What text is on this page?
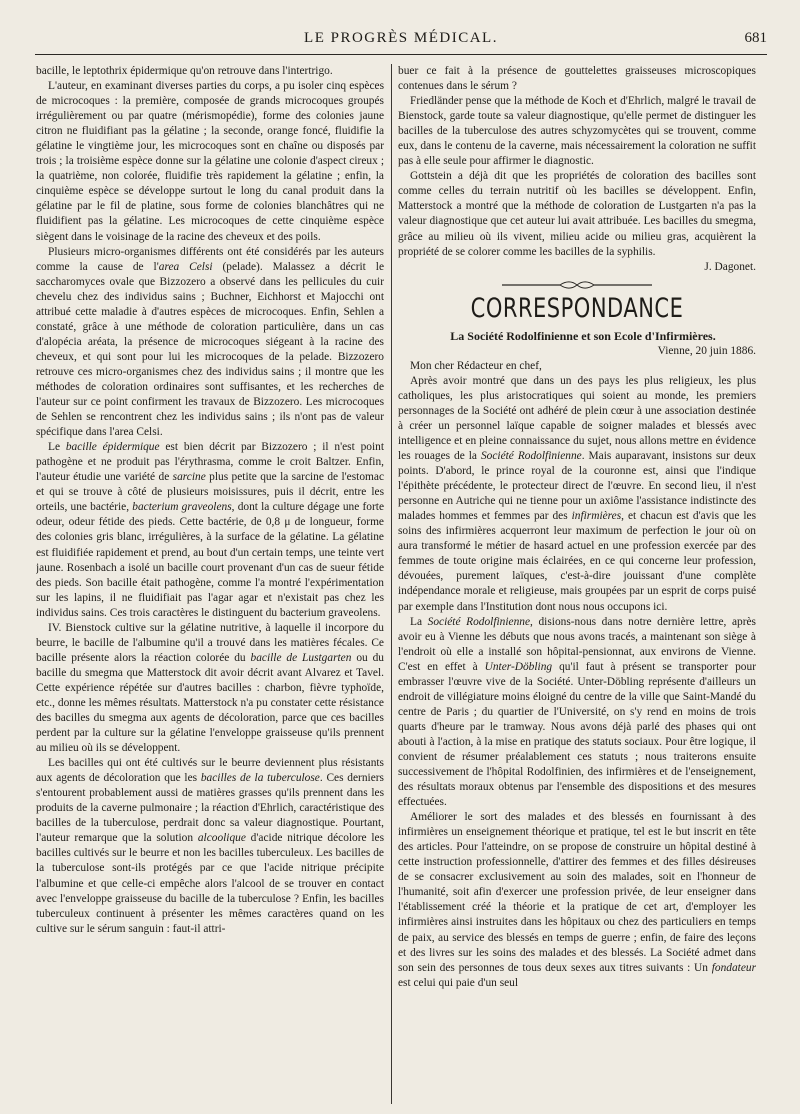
LE PROGRÈS MÉDICAL.	681

bacille, le leptothrix épidermique qu'on retrouve dans l'intertrigo.

L'auteur, en examinant diverses parties du corps, a pu isoler cinq espèces de microcoques : la première, composée de grands microcoques groupés irrégulièrement ou par quatre (mérismopédie), forme des colonies jaune citron ne fluidifiant pas la gélatine ; la seconde, orange foncé, fluidifie la gélatine le vingtième jour, les microcoques sont en chaîne ou disposés par trois ; la troisième espèce donne sur la gélatine une colonie d'aspect cireux ; la quatrième, non colorée, fluidifie très rapidement la gélatine ; enfin, la cinquième espèce se développe surtout le long du canal produit dans la gélatine par le fil de platine, sous forme de colonies blanchâtres qui ne fluidifient pas la gélatine. Les microcoques de cette cinquième espèce siègent dans le voisinage de la racine des cheveux et des poils.

Plusieurs micro-organismes différents ont été considérés par les auteurs comme la cause de l'area Celsi (pelade). Malassez a décrit le saccharomyces ovale que Bizzozero a observé dans les pellicules du cuir chevelu chez des individus sains ; Buchner, Eichhorst et Majocchi ont attribué cette maladie à d'autres espèces de microcoques. Enfin, Sehlen a constaté, grâce à une méthode de coloration particulière, dans un cas d'alopécia aréata, la présence de microcoques siégeant à la racine des cheveux, et qui sont pour lui les microcoques de la pelade. Bizzozero retrouve ces micro-organismes chez des individus sains ; il montre que les méthodes de coloration ordinaires sont suffisantes, et les recherches de l'auteur sur ce point confirment les travaux de Bizzozero. Les microcoques de Sehlen se rencontrent chez les individus sains ; ils n'ont pas de valeur spécifique dans l'area Celsi.

Le bacille épidermique est bien décrit par Bizzozero ; il n'est point pathogène et ne produit pas l'érythrasma, comme le croit Baltzer. Enfin, l'auteur étudie une variété de sarcine plus petite que la sarcine de l'estomac et qui se trouve à côté de plusieurs moisissures, puis il décrit, entre les orteils, une bactérie, bacterium graveolens, dont la culture dégage une forte odeur, odeur fétide des pieds. Cette bactérie, de 0,8 μ de longueur, forme des colonies gris blanc, irrégulières, à la surface de la gélatine. La gélatine est fluidifiée rapidement et prend, au bout d'un certain temps, une teinte vert jaune. Rosenbach a isolé un bacille court provenant d'un cas de sueur fétide des pieds. Son bacille était pathogène, comme l'a montré l'expérimentation sur les lapins, il ne fluidifiait pas l'agar agar et n'existait pas chez les individus sains. Ces trois caractères le distinguent du bacterium graveolens.

IV. Bienstock cultive sur la gélatine nutritive, à laquelle il incorpore du beurre, le bacille de l'albumine qu'il a trouvé dans les matières fécales. Ce bacille présente alors la réaction colorée du bacille de Lustgarten ou du bacille du smegma que Matterstock dit avoir décrit avant Alvarez et Tavel. Cette expérience répétée sur d'autres bacilles : charbon, fièvre typhoïde, etc., donne les mêmes résultats. Matterstock n'a pu constater cette résistance des bacilles du smegma aux agents de décoloration, parce que ces bacilles perdent par la culture sur la gélatine l'enveloppe graisseuse qu'ils prennent au milieu où ils se développent.

Les bacilles qui ont été cultivés sur le beurre deviennent plus résistants aux agents de décoloration que les bacilles de la tuberculose. Ces derniers s'entourent probablement aussi de matières grasses qu'ils prennent dans les produits de la caverne pulmonaire ; la réaction d'Ehrlich, caractéristique des bacilles de la tuberculose, perdrait donc sa valeur diagnostique. Pourtant, l'auteur remarque que la solution alcoolique d'acide nitrique décolore les bacilles cultivés sur le beurre et non les bacilles tuberculeux. Les bacilles de la tuberculose sont-ils protégés par ce que l'acide nitrique précipite l'albumine et que celle-ci empêche alors l'alcool de se trouver en contact avec l'enveloppe graisseuse du bacille de la tuberculose ? Enfin, les bacilles tuberculeux continuent à présenter les mêmes caractères quand on les cultive sur le sérum sanguin : faut-il attri-

buer ce fait à la présence de gouttelettes graisseuses microscopiques contenues dans le sérum ?

Friedländer pense que la méthode de Koch et d'Ehrlich, malgré le travail de Bienstock, garde toute sa valeur diagnostique, qu'elle permet de distinguer les bacilles de la tuberculose des autres schyzomycètes qui se trouvent, comme eux, dans le contenu de la caverne, mais nécessairement la coloration ne suffit pas à elle seule pour affirmer le diagnostic.

Gottstein a déjà dit que les propriétés de coloration des bacilles sont comme celles du terrain nutritif où les bacilles se développent. Enfin, Matterstock a montré que la méthode de coloration de Lustgarten n'a pas la valeur diagnostique que cet auteur lui avait attribuée. Les bacilles du smegma, grâce au milieu où ils vivent, milieu acide ou milieu gras, acquièrent la propriété de se colorer comme les bacilles de la syphilis.

J. Dagonet.

CORRESPONDANCE

La Société Rodolfinienne et son Ecole d'Infirmières.

Vienne, 20 juin 1886.

Mon cher Rédacteur en chef,

Après avoir montré que dans un des pays les plus religieux, les plus catholiques, les plus aristocratiques qui soient au monde, les premiers personnages de la Société ont adhéré de plein cœur à une association destinée à créer un personnel laïque capable de soigner malades et blessés avec intelligence et en pleine connaissance du sujet, nous allons mettre en évidence les rouages de la Société Rodolfinienne. Mais auparavant, insistons sur deux points. D'abord, le prince royal de la couronne est, ainsi que l'indique l'épithète précédente, le protecteur direct de l'œuvre. En second lieu, il n'est personne en Autriche qui ne tienne pour un axiôme l'assistance indistincte des malades hommes et femmes par des infirmières, et chacun est d'avis que les soins des infirmières acquerront leur maximum de perfection le jour où on aura transformé le métier de hasard actuel en une profession exercée par des femmes de toute origine mais éclairées, en ce qui concerne leur profession, dévouées, purement laïques, c'est-à-dire jouissant d'une complète indépendance morale et religieuse, mais groupées par un esprit de corps puisé par exemple dans l'Institution dont nous nous occupons ici.

La Société Rodolfinienne, disions-nous dans notre dernière lettre, après avoir eu à Vienne les débuts que nous avons tracés, a maintenant son siège à l'endroit où elle a installé son hôpital-pensionnat, aux environs de Vienne. C'est en effet à Unter-Döbling qu'il faut à présent se transporter pour embrasser l'œuvre vive de la Société. Unter-Döbling représente d'ailleurs un endroit de villégiature moins éloigné du centre de la ville que Saint-Mandé du centre de Paris ; du quartier de l'Université, on s'y rend en moins de trois quarts d'heure par le tramway. Nous avons déjà parlé des phases qui ont abouti à l'action, à la mise en pratique des statuts sociaux. Pour être logique, il convient de résumer préalablement ces statuts ; nous traiterons ensuite successivement de l'hôpital Rodolfinien, des infirmières et de l'enseignement, des résultats moraux obtenus par l'ensemble des dispositions et des mesures effectuées.

Améliorer le sort des malades et des blessés en fournissant à des infirmières un enseignement théorique et pratique, tel est le but inscrit en tête des articles. Pour l'atteindre, on se propose de construire un hôpital destiné à cette instruction professionnelle, d'attirer des femmes et des filles désireuses de se consacrer exclusivement au soin des malades, soit en l'honneur de l'humanité, soit afin d'exercer une profession privée, de leur enseigner dans l'établissement créé la théorie et la pratique de cet art, d'employer les infirmières ainsi instruites dans les hôpitaux ou chez des particuliers en temps de paix, au service des blessés en temps de guerre ; enfin, de faire des leçons et des livres sur les soins des malades et des blessés. La Société admet dans son sein des personnes de tous deux sexes aux titres suivants : Un fondateur est celui qui paie d'un seul
